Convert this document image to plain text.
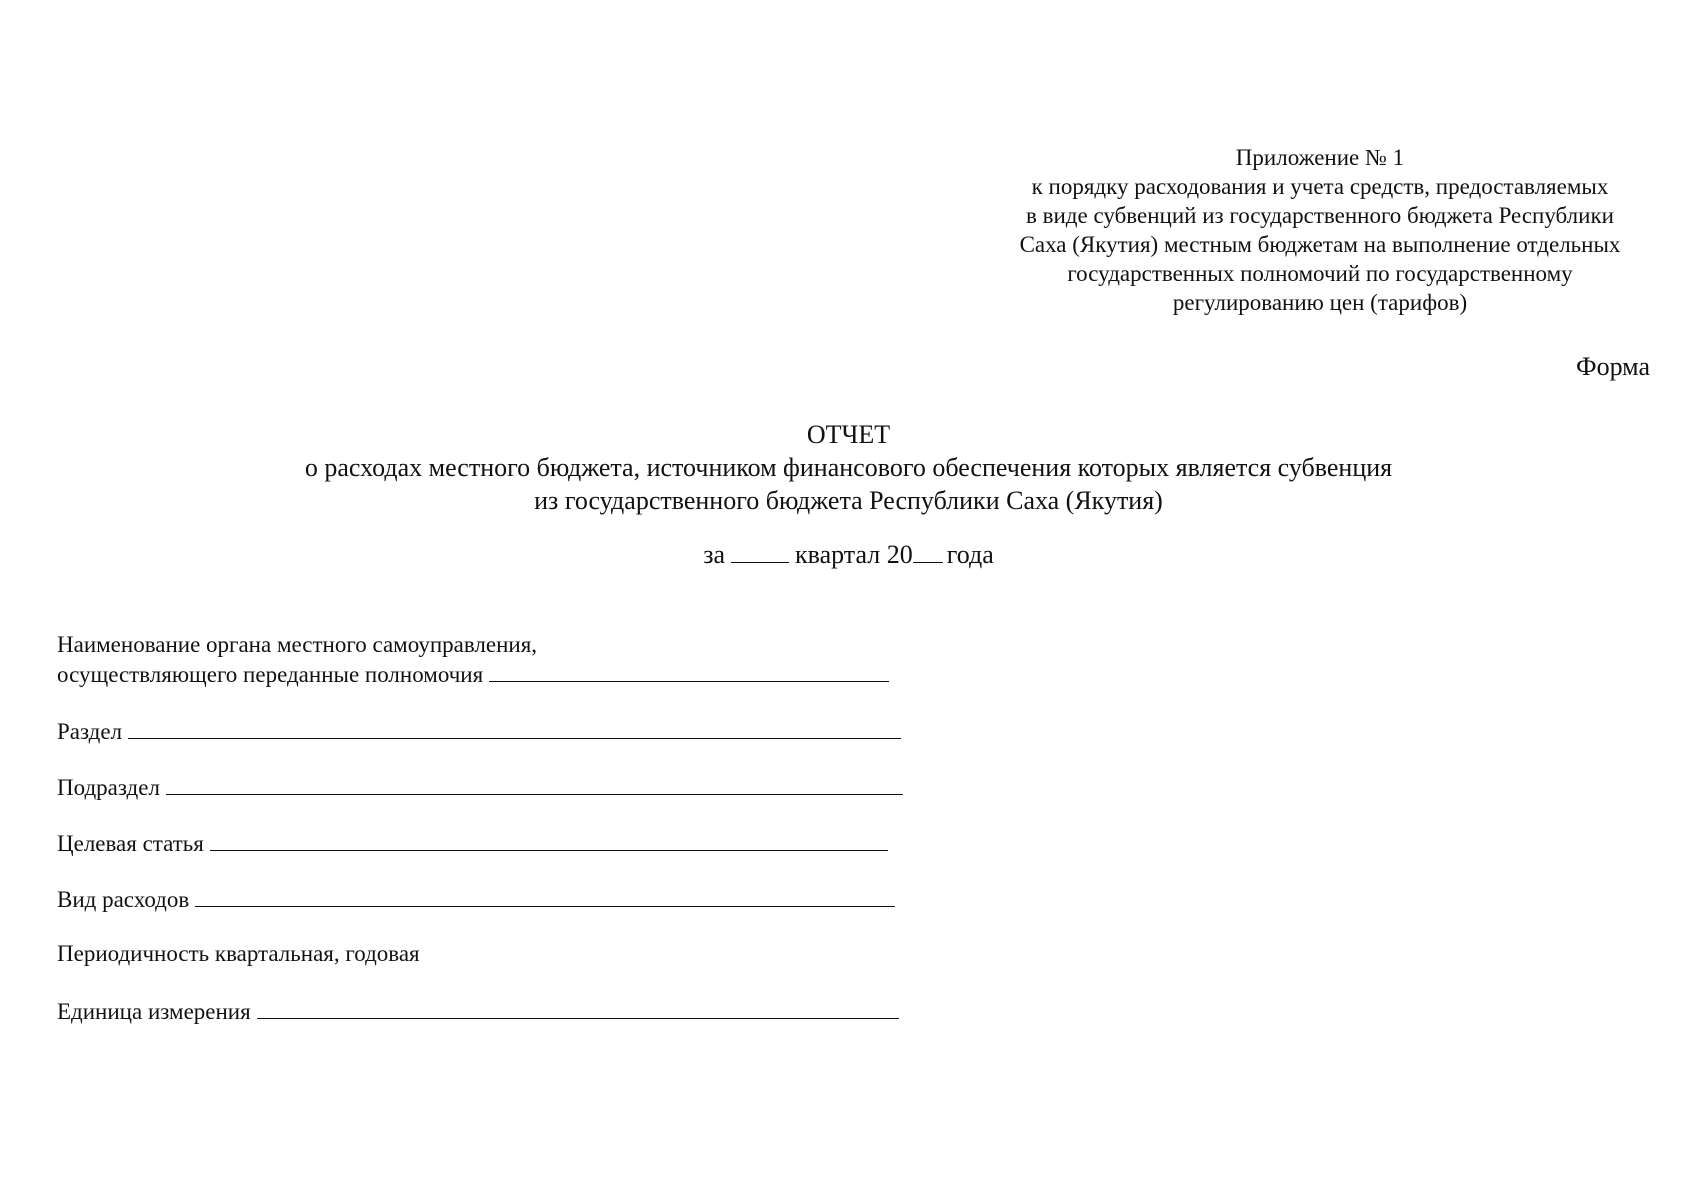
Приложение № 1
к порядку расходования и учета средств, предоставляемых
в виде субвенций из государственного бюджета Республики
Саха (Якутия) местным бюджетам на выполнение отдельных
государственных полномочий по государственному
регулированию цен (тарифов)
Форма
ОТЧЕТ
о расходах местного бюджета, источником финансового обеспечения которых является субвенция
из государственного бюджета Республики Саха (Якутия)
за	квартал 20 года
Наименование органа местного самоуправления,
осуществляющего переданные полномочия
Раздел
Подраздел
Целевая статья
Вид расходов
Периодичность квартальная, годовая
Единица измерения
